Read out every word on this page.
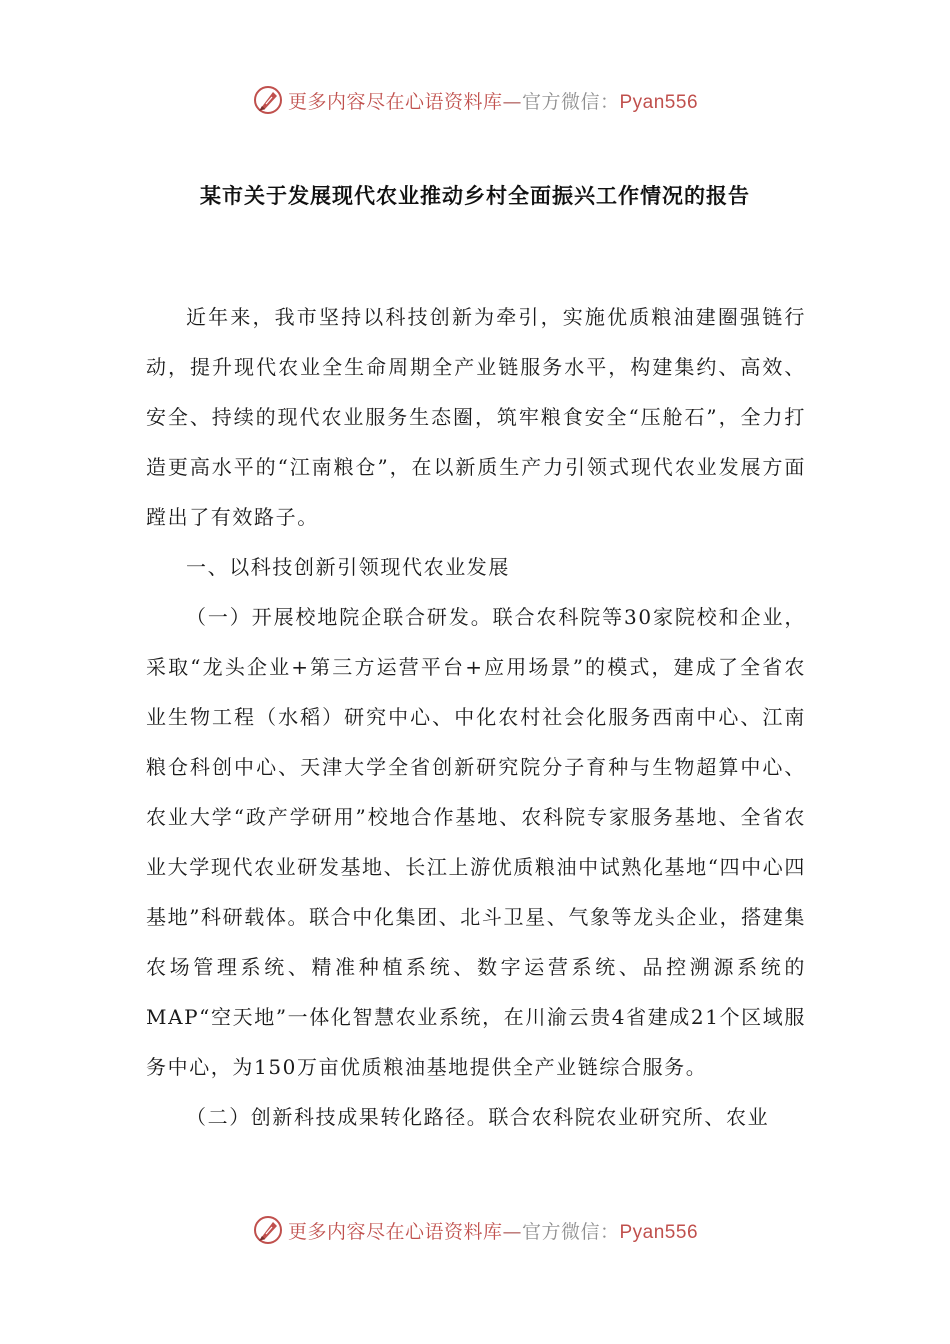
更多内容尽在心语资料库—官方微信：Pyan556
某市关于发展现代农业推动乡村全面振兴工作情况的报告

近年来，我市坚持以科技创新为牵引，实施优质粮油建圈强链行动，提升现代农业全生命周期全产业链服务水平，构建集约、高效、安全、持续的现代农业服务生态圈，筑牢粮食安全“压舱石”，全力打造更高水平的“江南粮仓”，在以新质生产力引领式现代农业发展方面蹚出了有效路子。

一、以科技创新引领现代农业发展

（一）开展校地院企联合研发。联合农科院等30家院校和企业，采取“龙头企业+第三方运营平台+应用场景”的模式，建成了全省农业生物工程（水稻）研究中心、中化农村社会化服务西南中心、江南粮仓科创中心、天津大学全省创新研究院分子育种与生物超算中心、农业大学“政产学研用”校地合作基地、农科院专家服务基地、全省农业大学现代农业研发基地、长江上游优质粮油中试熟化基地“四中心四基地”科研载体。联合中化集团、北斗卫星、气象等龙头企业，搭建集农场管理系统、精准种植系统、数字运营系统、品控溯源系统的MAP“空天地”一体化智慧农业系统，在川渝云贵4省建成21个区域服务中心，为150万亩优质粮油基地提供全产业链综合服务。

（二）创新科技成果转化路径。联合农科院农业研究所、农业

更多内容尽在心语资料库—官方微信：Pyan556
